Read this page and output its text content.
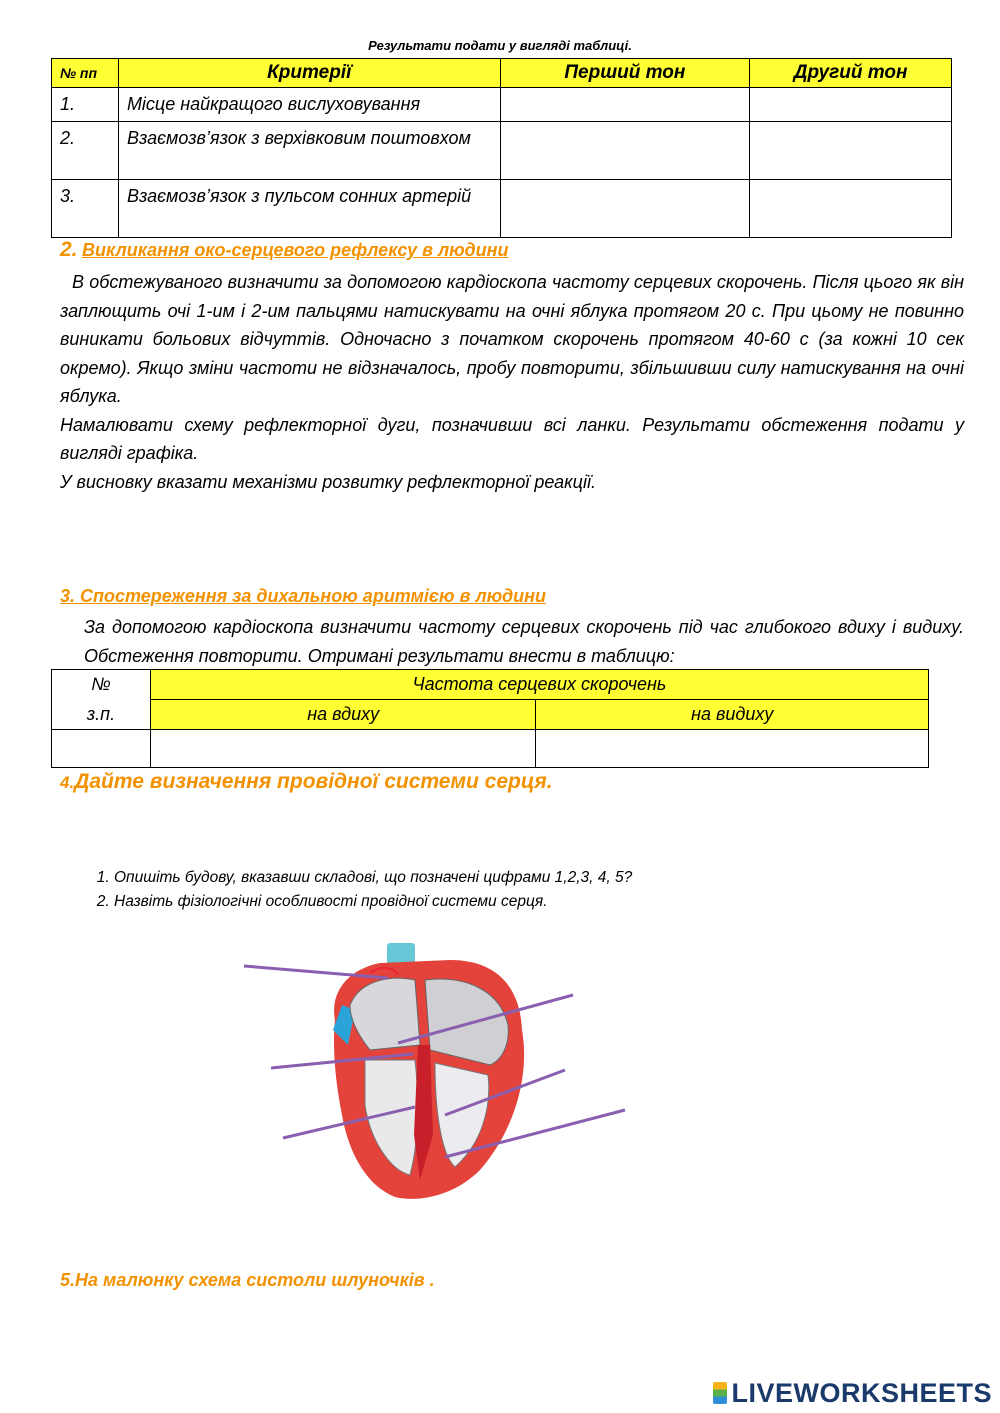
Результати подати у вигляді таблиці.
№ пп	Критерії	Перший тон	Другий тон
1.	Місце найкращого вислуховування		
2.	Взаємозв’язок з верхівковим поштовхом		
3.	Взаємозв’язок з пульсом сонних артерій		
2. Викликання око-серцевого рефлексу в людини

В обстежуваного визначити за допомогою кардіоскопа частоту серцевих скорочень. Після цього як він заплющить очі 1-им і 2-им пальцями натискувати на очні яблука протягом 20 с. При цьому не повинно виникати больових відчуттів. Одночасно з початком скорочень протягом 40-60 с (за кожні 10 сек окремо). Якщо зміни частоти не відзначалось, пробу повторити, збільшивши силу натискування на очні яблука.

Намалювати схему рефлекторної дуги, позначивши всі ланки. Результати обстеження подати у вигляді графіка.

У висновку вказати механізми розвитку рефлекторної реакції.

3. Спостереження за дихальною аритмією в людини
За допомогою кардіоскопа визначити частоту серцевих скорочень під час глибокого вдиху і видиху. Обстеження повторити. Отримані результати внести в таблицю:
№	Частота серцевих скорочень	
з.п.	на вдиху	на видиху

4.Дайте визначення провідної системи серця.
1. Опишіть будову, вказавши складові, що позначені цифрами 1,2,3, 4, 5?
2. Назвіть фізіологічні особливості провідної системи серця.
5.На малюнку схема систоли шлуночків .
LIVEWORKSHEETS
